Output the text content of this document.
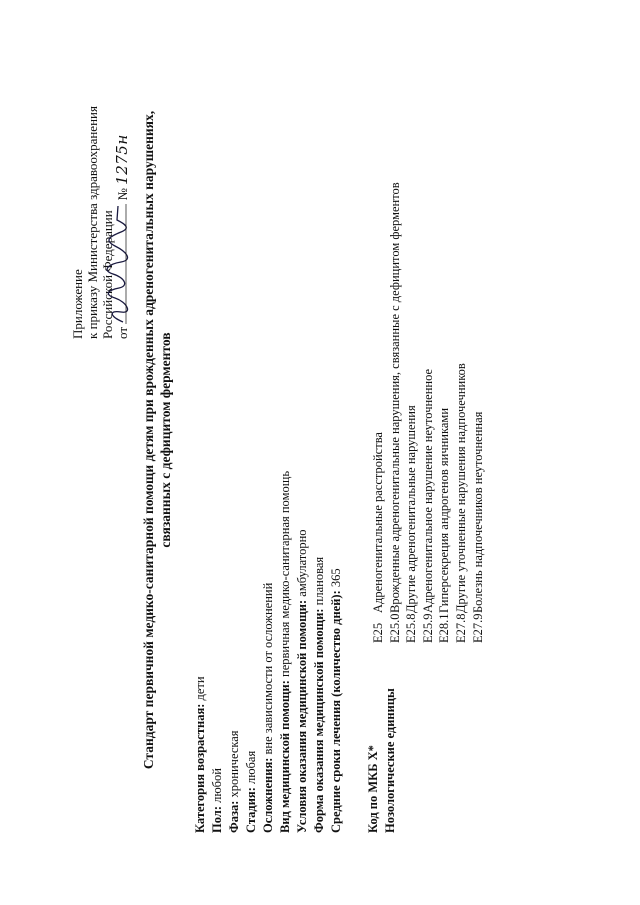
Приложение к приказу Министерства здравоохранения Российской Федерации от
№ 1275н Стандарт первичной медико-санитарной помощи детям при врожденных адреногенитальных нарушениях, связанных с дефицитом ферментов
Категория возрастная: дети
Пол: любой
Фаза: хроническая
Стадия: любая Осложнения: вне зависимости от осложнений Вид медицинской помощи: первичная медико-санитарная помощь
Условия оказания медицинской помощи: амбулаторно
Форма оказания медицинской помощи: плановая
Средние сроки лечения (количество дней): 365
Код по МКБ X* Нозологические единицы
E25Адреногенитальные расстройства
E25.0Врожденные адреногенитальные нарушения, связанные с дефицитом ферментов
E25.8Другие адреногенитальные нарушения
E25.9Адреногенитальное нарушение неуточненное
E28.1Гиперсекреция андрогенов яичниками
E27.8Другие уточненные нарушения надпочечников
E27.9Болезнь надпочечников неуточненная
